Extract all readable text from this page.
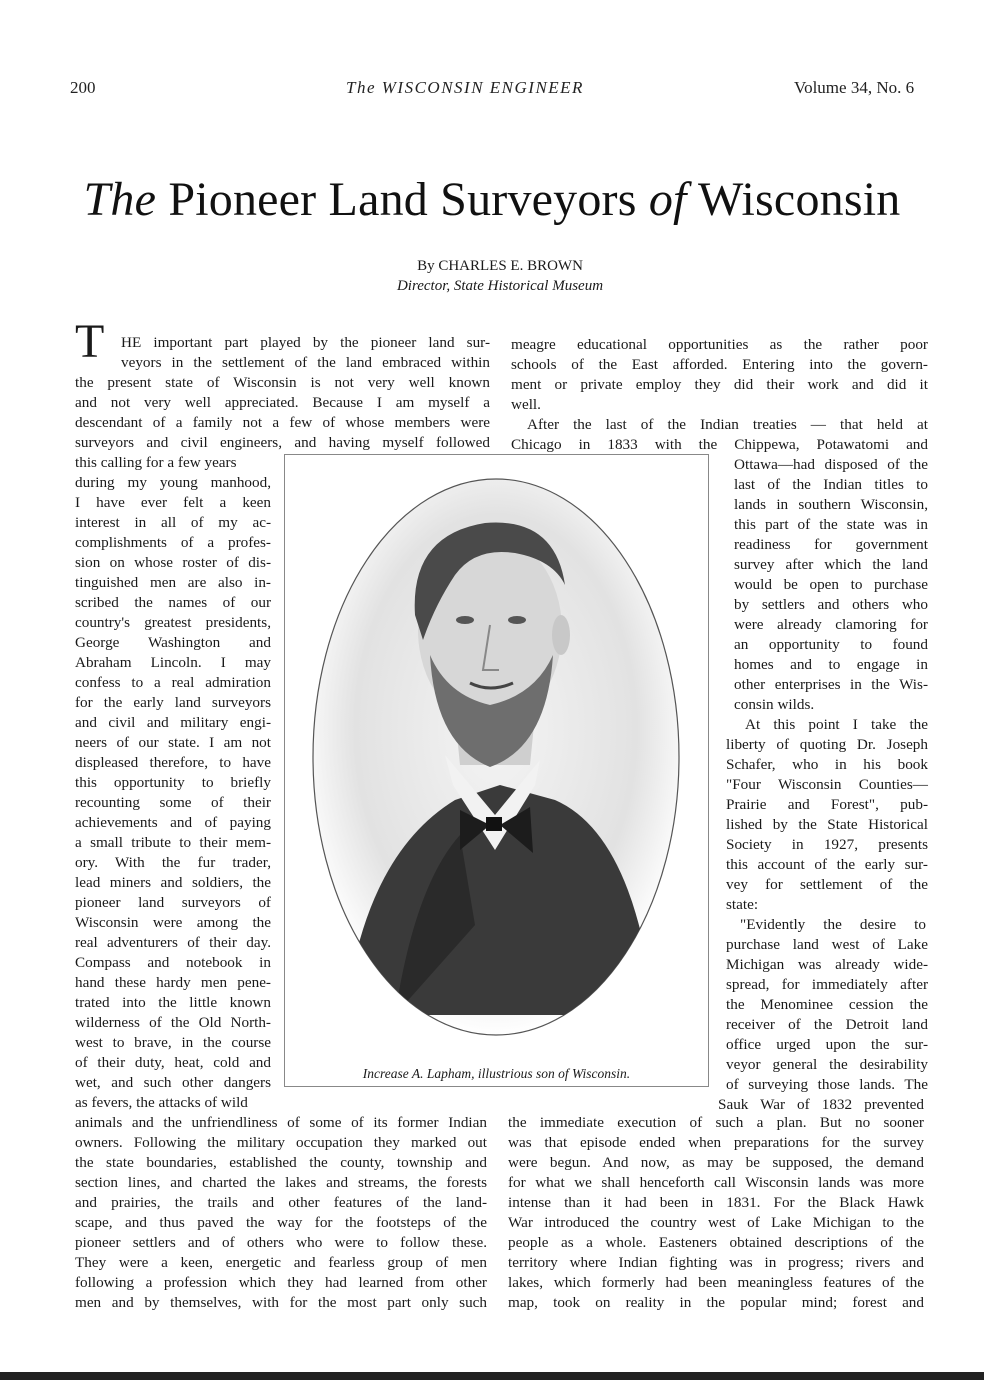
200	The WISCONSIN ENGINEER	Volume 34, No. 6
The Pioneer Land Surveyors of Wisconsin
By CHARLES E. BROWN
Director, State Historical Museum
T HE important part played by the pioneer land sur-
veyors in the settlement of the land embraced within
the present state of Wisconsin is not very well known
and not very well appreciated. Because I am myself a
descendant of a family not a few of whose members were
surveyors and civil engineers, and having myself followed
this calling for a few years
during my young manhood,
I have ever felt a keen
interest in all of my ac-
complishments of a profes-
sion on whose roster of dis-
tinguished men are also in-
scribed the names of our
country's greatest presidents,
George Washington and
Abraham Lincoln. I may
confess to a real admiration
for the early land surveyors
and civil and military engi-
neers of our state. I am not
displeased therefore, to have
this opportunity to briefly
recounting some of their
achievements and of paying
a small tribute to their mem-
ory. With the fur trader,
lead miners and soldiers, the
pioneer land surveyors of
Wisconsin were among the
real adventurers of their day.
Compass and notebook in
hand these hardy men pene-
trated into the little known
wilderness of the Old North-
west to brave, in the course
of their duty, heat, cold and
wet, and such other dangers
as fevers, the attacks of wild
animals and the unfriendliness of some of its former Indian
owners. Following the military occupation they marked out
the state boundaries, established the county, township and
section lines, and charted the lakes and streams, the forests
and prairies, the trails and other features of the land-
scape, and thus paved the way for the footsteps of the
pioneer settlers and of others who were to follow these.
They were a keen, energetic and fearless group of men
following a profession which they had learned from other
men and by themselves, with for the most part only such
meagre educational opportunities as the rather poor
schools of the East afforded. Entering into the govern-
ment or private employ they did their work and did it
well.
After the last of the Indian treaties — that held at
Chicago in 1833 with the Chippewa, Potawatomi and
Ottawa—had disposed of the
last of the Indian titles to
lands in southern Wisconsin,
this part of the state was in
readiness for government
survey after which the land
would be open to purchase
by settlers and others who
were already clamoring for
an opportunity to found
homes and to engage in
other enterprises in the Wis-
consin wilds.
At this point I take the
liberty of quoting Dr. Joseph
Schafer, who in his book
"Four Wisconsin Counties—
Prairie and Forest", pub-
lished by the State Historical
Society in 1927, presents
this account of the early sur-
vey for settlement of the
state:
"Evidently the desire to
purchase land west of Lake
Michigan was already wide-
spread, for immediately after
the Menominee cession the
receiver of the Detroit land
office urged upon the sur-
veyor general the desirability
of surveying those lands. The
Sauk War of 1832 prevented
the immediate execution of such a plan. But no sooner
was that episode ended when preparations for the survey
were begun. And now, as may be supposed, the demand
for what we shall henceforth call Wisconsin lands was more
intense than it had been in 1831. For the Black Hawk
War introduced the country west of Lake Michigan to the
people as a whole. Easteners obtained descriptions of the
territory where Indian fighting was in progress; rivers and
lakes, which formerly had been meaningless features of the
map, took on reality in the popular mind; forest and
Increase A. Lapham, illustrious son of Wisconsin.
